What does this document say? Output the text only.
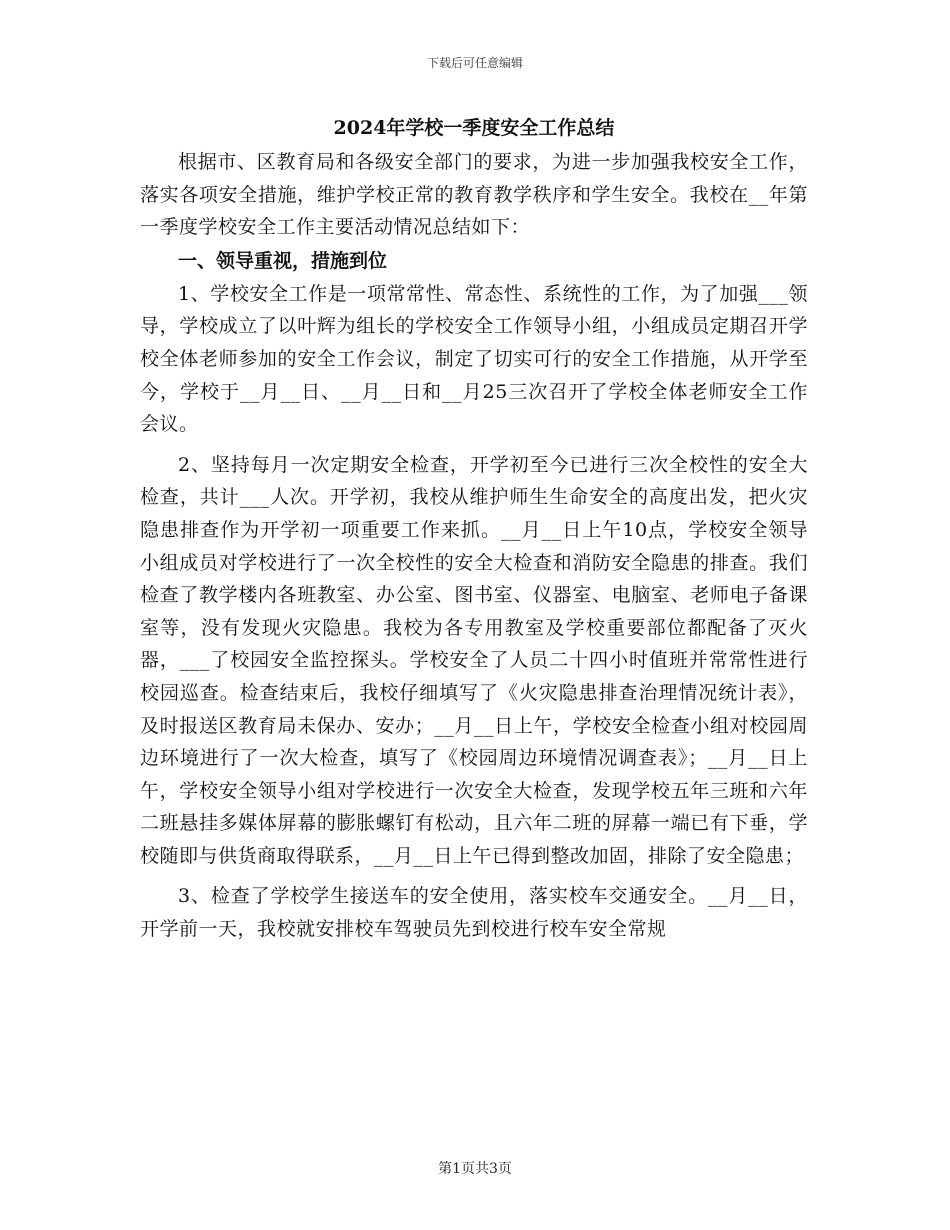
下载后可任意编辑
2024年学校一季度安全工作总结

根据市、区教育局和各级安全部门的要求，为进一步加强我校安全工作，落实各项安全措施，维护学校正常的教育教学秩序和学生安全。我校在__年第一季度学校安全工作主要活动情况总结如下：

一、领导重视，措施到位

1、学校安全工作是一项常常性、常态性、系统性的工作，为了加强___领导，学校成立了以叶辉为组长的学校安全工作领导小组，小组成员定期召开学校全体老师参加的安全工作会议，制定了切实可行的安全工作措施，从开学至今，学校于__月__日、__月__日和__月25三次召开了学校全体老师安全工作会议。

2、坚持每月一次定期安全检查，开学初至今已进行三次全校性的安全大检查，共计___人次。开学初，我校从维护师生生命安全的高度出发，把火灾隐患排查作为开学初一项重要工作来抓。__月__日上午10点，学校安全领导小组成员对学校进行了一次全校性的安全大检查和消防安全隐患的排查。我们检查了教学楼内各班教室、办公室、图书室、仪器室、电脑室、老师电子备课室等，没有发现火灾隐患。我校为各专用教室及学校重要部位都配备了灭火器，___了校园安全监控探头。学校安全了人员二十四小时值班并常常性进行校园巡查。检查结束后，我校仔细填写了《火灾隐患排查治理情况统计表》，及时报送区教育局未保办、安办；__月__日上午，学校安全检查小组对校园周边环境进行了一次大检查，填写了《校园周边环境情况调查表》；__月__日上午，学校安全领导小组对学校进行一次安全大检查，发现学校五年三班和六年二班悬挂多媒体屏幕的膨胀螺钉有松动，且六年二班的屏幕一端已有下垂，学校随即与供货商取得联系，__月__日上午已得到整改加固，排除了安全隐患；

3、检查了学校学生接送车的安全使用，落实校车交通安全。__月__日，开学前一天，我校就安排校车驾驶员先到校进行校车安全常规

第1页共3页
